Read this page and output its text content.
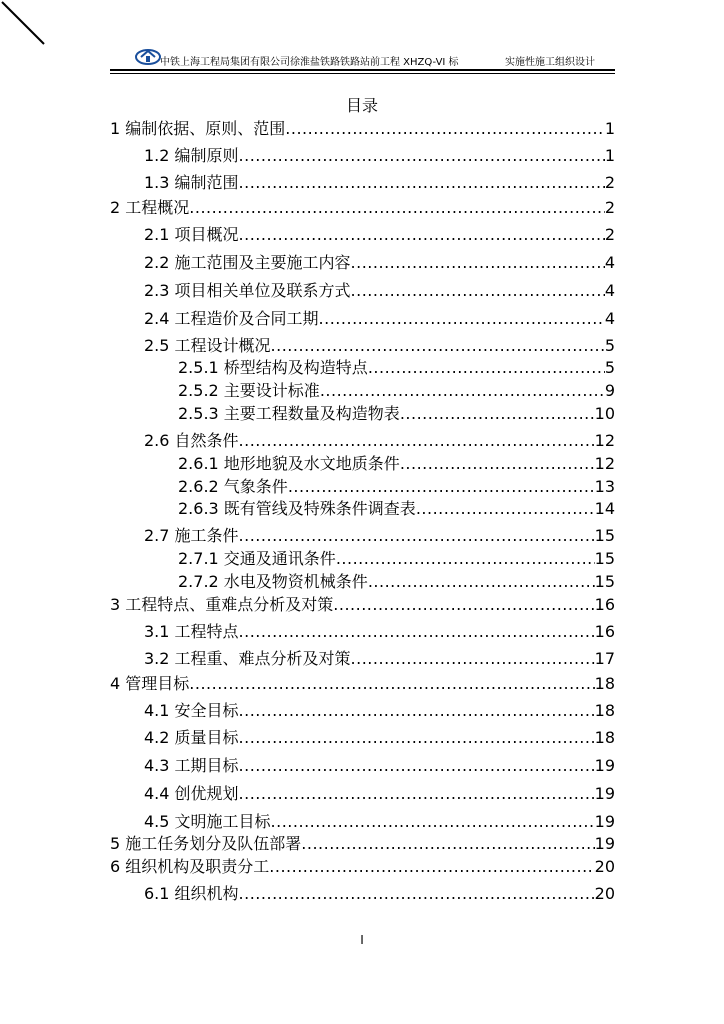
中铁上海工程局集团有限公司徐淮盐铁路铁路站前工程 XHZQ-VI 标	实施性施工组织设计
目录
1 编制依据、原则、范围 .....	1
1.2 编制原则 .....	1
1.3 编制范围 .....	2
2 工程概况 .....	2
2.1 项目概况 .....	2
2.2 施工范围及主要施工内容 .....	4
2.3 项目相关单位及联系方式 .....	4
2.4 工程造价及合同工期 .....	4
2.5 工程设计概况 .....	5
2.5.1 桥型结构及构造特点 .....	5
2.5.2 主要设计标准 .....	9
2.5.3 主要工程数量及构造物表 .....	10
2.6 自然条件 .....	12
2.6.1 地形地貌及水文地质条件 .....	12
2.6.2 气象条件 .....	13
2.6.3 既有管线及特殊条件调查表 .....	14
2.7 施工条件 .....	15
2.7.1 交通及通讯条件 .....	15
2.7.2 水电及物资机械条件 .....	15
3 工程特点、重难点分析及对策 .....	16
3.1 工程特点 .....	16
3.2 工程重、难点分析及对策 .....	17
4 管理目标 .....	18
4.1 安全目标 .....	18
4.2 质量目标 .....	18
4.3 工期目标 .....	19
4.4 创优规划 .....	19
4.5 文明施工目标 .....	19
5 施工任务划分及队伍部署 .....	19
6 组织机构及职责分工 .....	20
6.1 组织机构 .....	20
I
